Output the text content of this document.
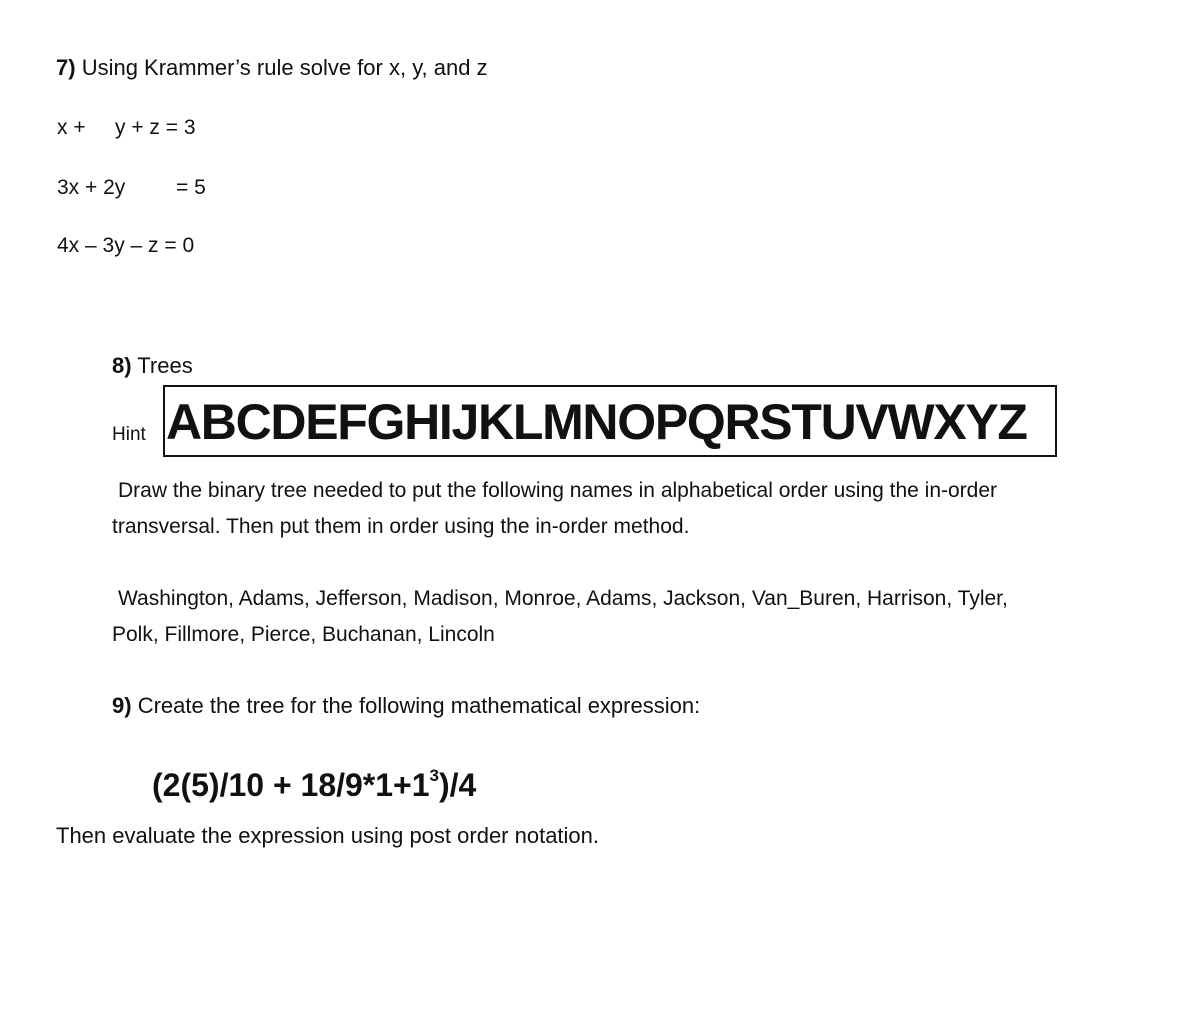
7) Using Krammer’s rule solve for x, y, and z
x + y + z = 3
3x + 2y = 5
4x – 3y – z = 0
8) Trees
Hint ABCDEFGHIJKLMNOPQRSTUVWXYZ
Draw the binary tree needed to put the following names in alphabetical order using the in-order
transversal. Then put them in order using the in-order method.
Washington, Adams, Jefferson, Madison, Monroe, Adams, Jackson, Van_Buren, Harrison, Tyler,
Polk, Fillmore, Pierce, Buchanan, Lincoln
9) Create the tree for the following mathematical expression:
$(2(5)/10 + 18/9*1+1^3)/4$
Then evaluate the expression using post order notation.
